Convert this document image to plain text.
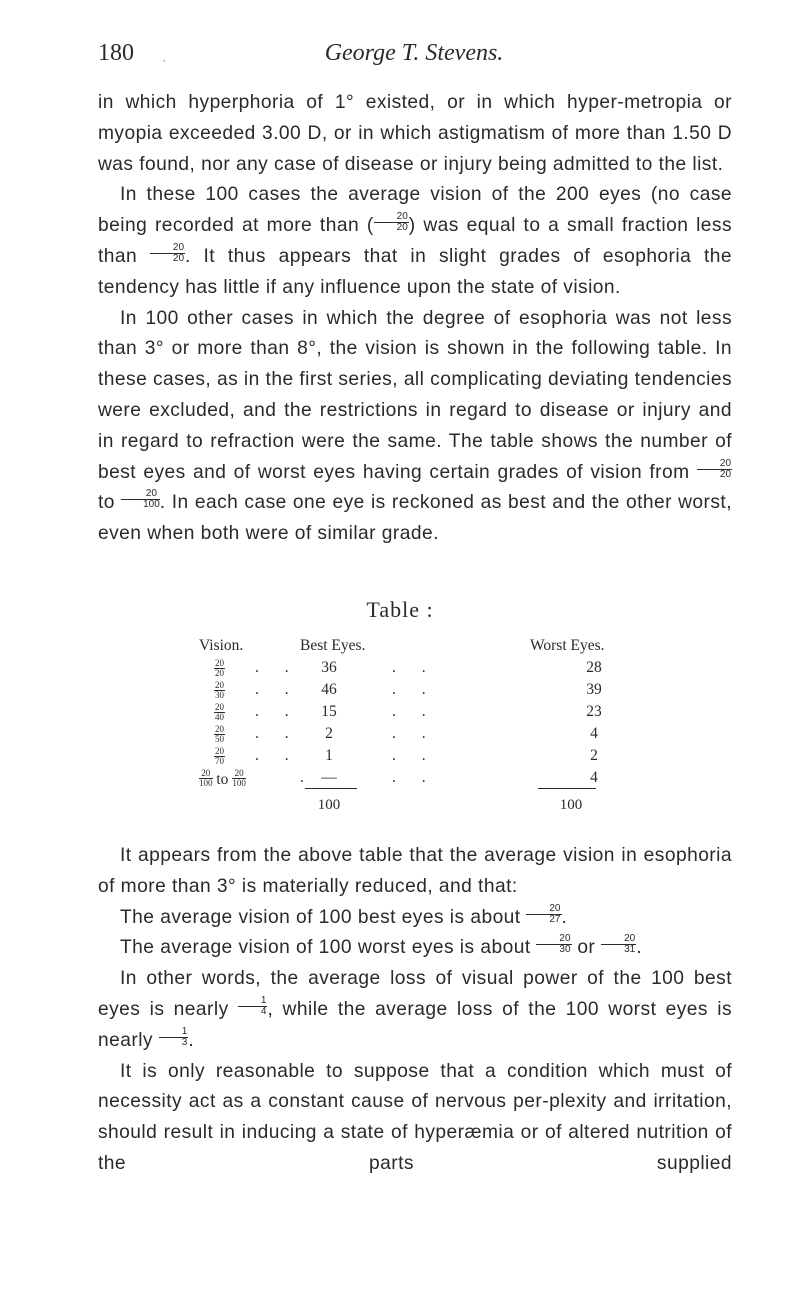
180 ˎ	George T. Stevens.

in which hyperphoria of 1° existed, or in which hyper-metropia or myopia exceeded 3.00 D, or in which astigmatism of more than 1.50 D was found, nor any case of disease or injury being admitted to the list.

In these 100 cases the average vision of the 200 eyes (no case being recorded at more than ( $\frac{20}{20}$ ) was equal to a small fraction less than $\frac{20}{20}$ . It thus appears that in slight grades of esophoria the tendency has little if any influence upon the state of vision.

In 100 other cases in which the degree of esophoria was not less than 3° or more than 8°, the vision is shown in the following table. In these cases, as in the first series, all complicating deviating tendencies were excluded, and the restrictions in regard to disease or injury and in regard to refraction were the same. The table shows the number of best eyes and of worst eyes having certain grades of vision from $\frac{20}{20}$
to $\frac{20}{100}$ . In each case one eye is reckoned as best and the other worst, even when both were of similar grade.

Table :
Vision.	Best Eyes.	Worst Eyes.
$\frac{20}{20}$ . .	36	. .	28
$\frac{20}{30}$ . .	46	. .	39
$\frac{20}{40}$ . .	15	. .	23
$\frac{20}{50}$ . .	2	. .	4
$\frac{20}{70}$ . .	1	. .	2
$\frac{20}{100}$ to $\frac{20}{100}$	.	—	. .	4
100	100

It appears from the above table that the average vision in esophoria of more than 3° is materially reduced, and that:

The average vision of 100 best eyes is about $\frac{20}{27}$ .

The average vision of 100 worst eyes is about $\frac{20}{30}$ or $\frac{20}{31}$ .

In other words, the average loss of visual power of the 100 best eyes is nearly $\frac{1}{4}$ , while the average loss of the 100 worst eyes is nearly $\frac{1}{3}$ .

It is only reasonable to suppose that a condition which must of necessity act as a constant cause of nervous per-plexity and irritation, should result in inducing a state of hyperæmia or of altered nutrition of the parts supplied
